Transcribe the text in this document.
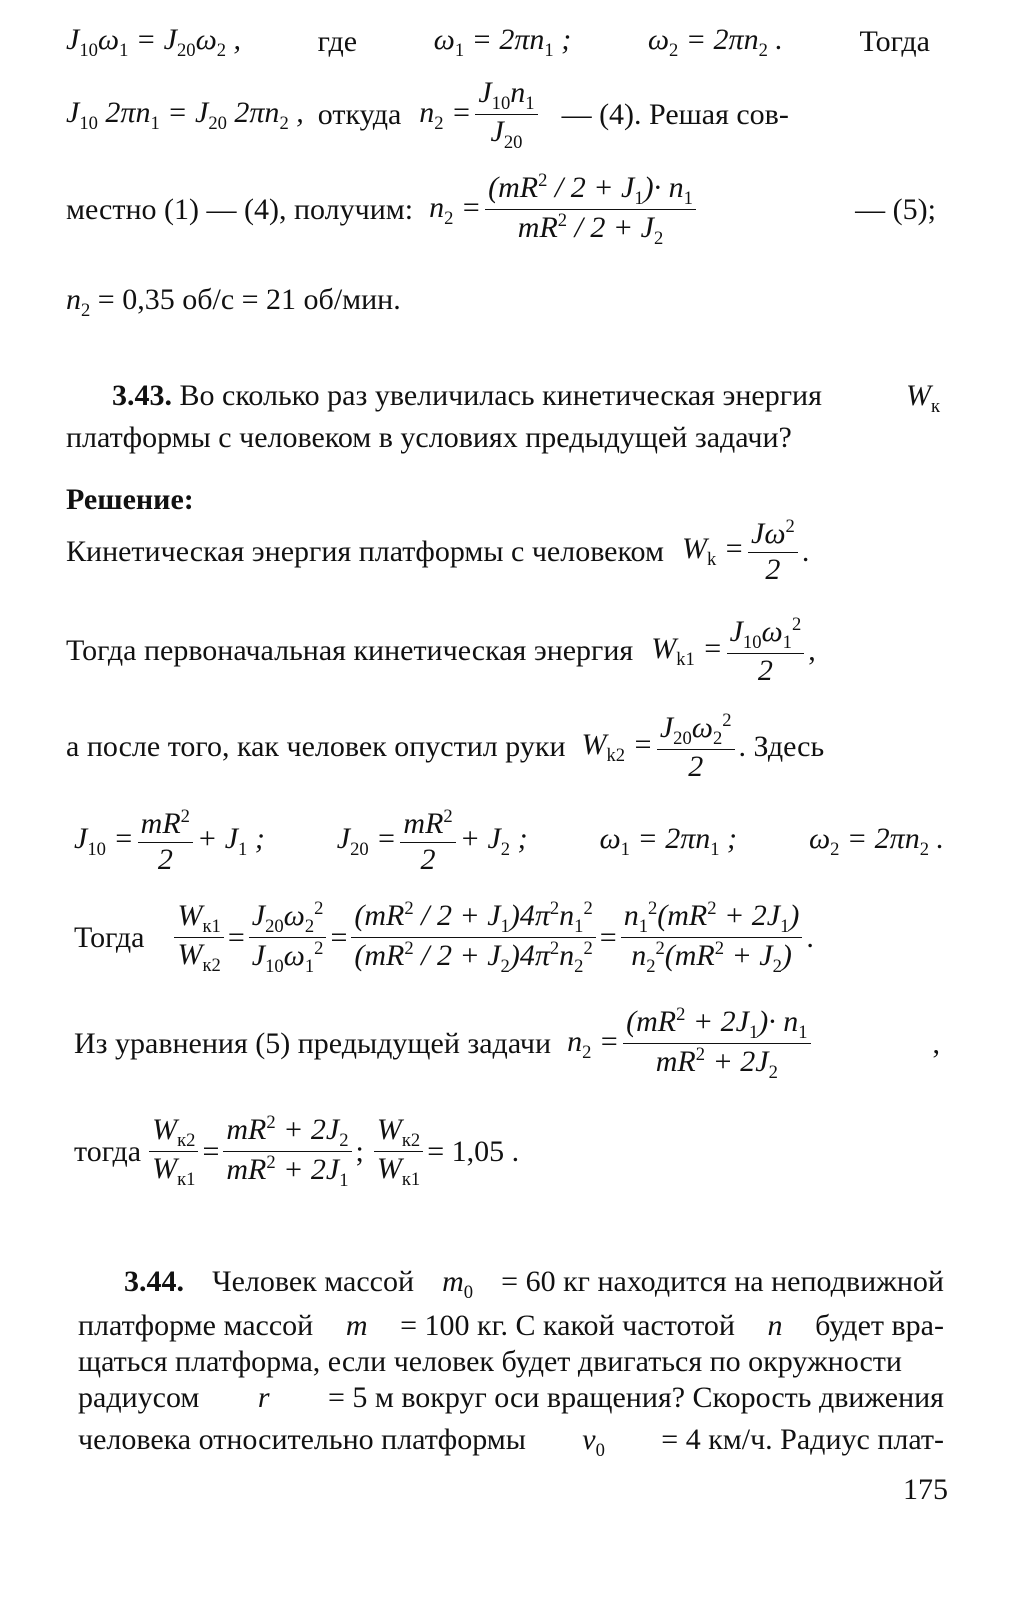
$J_{10}\omega_1 = J_{20}\omega_2$ ,	где	$\omega_1 = 2\pi n_1$ ;	$\omega_2 = 2\pi n_2$ .	Тогда
$J_{10}$ $2\pi n_1 = J_{20}$ $2\pi n_2$ , откуда $n_2 = \frac{J_{10}n_1}{J_{20}}$ — (4). Решая сов-
местно (1) — (4), получим: $n_2 = \frac{(mR^2 / 2 + J_1)\cdot n_1}{mR^2 / 2 + J_2}$	— (5);
$n_2 = 0,35$ об/с = 21 об/мин.
3.43. Во сколько раз увеличилась кинетическая энергия	$W_к$
платформы с человеком в условиях предыдущей задачи?
Решение:
Кинетическая энергия платформы с человеком $W_k = \frac{J\omega^2}{2}$ .
Тогда первоначальная кинетическая энергия $W_{k1} = \frac{J_{10}\omega_1^2}{2}$ ,
а после того, как человек опустил руки $W_{k2} = \frac{J_{20}\omega_2^2}{2}$ . Здесь
$J_{10} = \frac{mR^2}{2} + J_1$ ; $J_{20} = \frac{mR^2}{2} + J_2$ ; $\omega_1 = 2\pi n_1$ ; $\omega_2 = 2\pi n_2$ .
Тогда $\frac{W_{к1}}{W_{к2}} = \frac{J_{20}\omega_2^2}{J_{10}\omega_1^2} = \frac{(mR^2 / 2 + J_1)4\pi^2n_1^2}{(mR^2 / 2 + J_2)4\pi^2n_2^2} = \frac{n_1^2(mR^2 + 2J_1)}{n_2^2(mR^2 + J_2)}$ .
Из уравнения (5) предыдущей задачи $n_2 = \frac{(mR^2 + 2J_1)\cdot n_1}{mR^2 + 2J_2}$	,
тогда $\frac{W_{к2}}{W_{к1}} = \frac{mR^2 + 2J_2}{mR^2 + 2J_1}$ ; $\frac{W_{к2}}{W_{к1}} = 1,05$ .
3.44. Человек массой $m_0 = 60$ кг находится на неподвижной
платформе массой m = 100 кг. С какой частотой n будет вра-
щаться платформа, если человек будет двигаться по окружности
радиусом r = 5 м вокруг оси вращения? Скорость движения
человека относительно платформы $v_0 = 4$ км/ч. Радиус плат-
175
